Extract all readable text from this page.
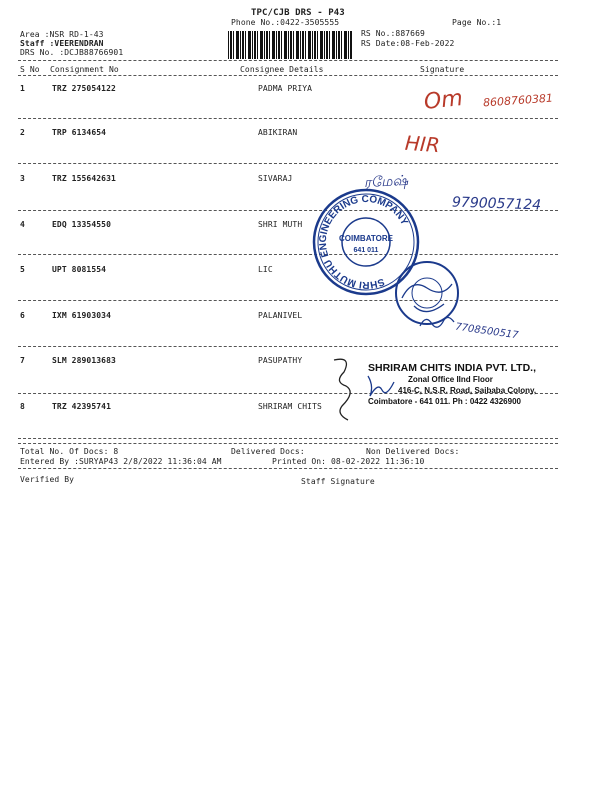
TPC/CJB DRS - P43
Phone No.:0422-3505555	Page No.:1
Area :NSR RD-1-43
Staff :VEERENDRAN
DRS No. :DCJB88766901
RS No.:887669
RS Date:08-Feb-2022
S No Consignment No	Consignee Details	Signature
1	TRZ 275054122	PADMA PRIYA
2	TRP 6134654	ABIKIRAN
3	TRZ 155642631	SIVARAJ
4	EDQ 13354550	SHRI MUTH
5	UPT 8081554	LIC
6	IXM 61903034	PALANIVEL
7	SLM 289013683	PASUPATHY
8	TRZ 42395741	SHRIRAM CHITS
Om 8608760381
HIR
ரமேஷ்
9790057124
7708500517
SHRI MUTHU ENGINEERING COMPANY
COIMBATORE
641 011
SHRIRAM CHITS INDIA PVT. LTD.,
Zonal Office IInd Floor
416-C, N.S.R. Road, Saibaba Colony,
Coimbatore - 641 011. Ph : 0422 4326900
Total No. Of Docs: 8	Delivered Docs:	Non Delivered Docs:
Entered By :SURYAP43 2/8/2022 11:36:04 AM	Printed On: 08-02-2022 11:36:10
Verified By	Staff Signature
